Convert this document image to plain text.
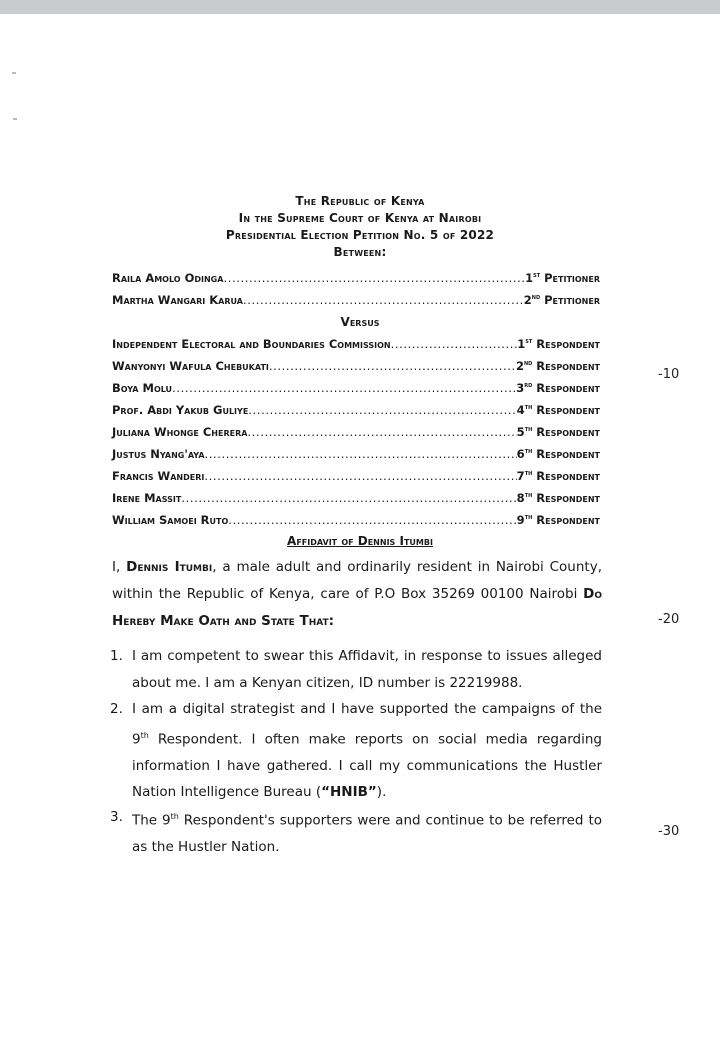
The Republic of Kenya
In the Supreme Court of Kenya at Nairobi
Presidential Election Petition No. 5 of 2022
Between:
Raila Amolo Odinga .....	1st Petitioner
Martha Wangari Karua .....	2nd Petitioner
Versus
Independent Electoral and Boundaries Commission .....	1st Respondent
Wanyonyi Wafula Chebukati .....	2nd Respondent
Boya Molu .....	3rd Respondent
Prof. Abdi Yakub Guliye .....	4th Respondent
Juliana Whonge Cherera .....	5th Respondent
Justus Nyang'aya .....	6th Respondent
Francis Wanderi .....	7th Respondent
Irene Massit .....	8th Respondent
William Samoei Ruto .....	9th Respondent
Affidavit of Dennis Itumbi
I, Dennis Itumbi, a male adult and ordinarily resident in Nairobi County, within the Republic of Kenya, care of P.O Box 35269 00100 Nairobi Do Hereby Make Oath and State That:
1. I am competent to swear this Affidavit, in response to issues alleged about me. I am a Kenyan citizen, ID number is 22219988.
2. I am a digital strategist and I have supported the campaigns of the 9th Respondent. I often make reports on social media regarding information I have gathered. I call my communications the Hustler Nation Intelligence Bureau (“HNIB”).
3. The 9th Respondent's supporters were and continue to be referred to as the Hustler Nation.
-10
-20
-30
